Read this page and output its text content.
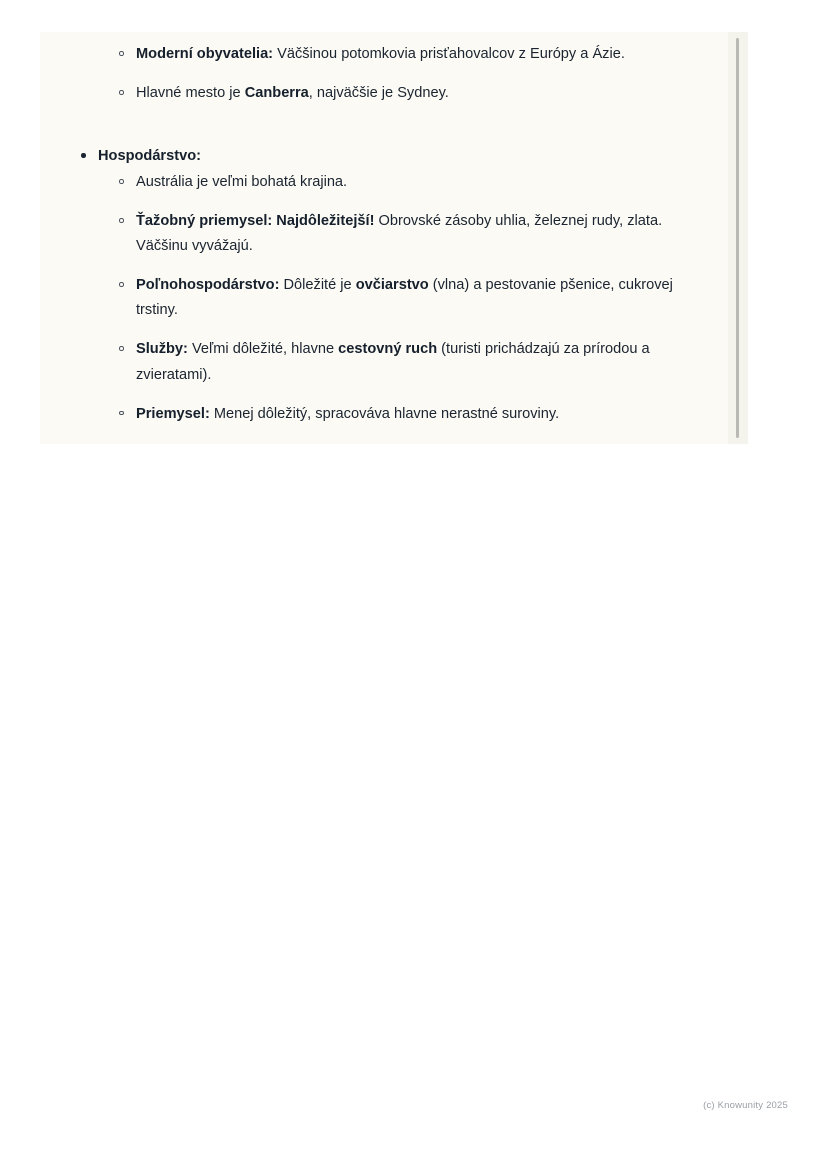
Moderní obyvatelia: Väčšinou potomkovia prisťahovalcov z Európy a Ázie.
Hlavné mesto je Canberra, najväčšie je Sydney.
Hospodárstvo:
Austrália je veľmi bohatá krajina.
Ťažobný priemysel: Najdôležitejší! Obrovské zásoby uhlia, železnej rudy, zlata. Väčšinu vyvážajú.
Poľnohospodárstvo: Dôležité je ovčiarstvo (vlna) a pestovanie pšenice, cukrovej trstiny.
Služby: Veľmi dôležité, hlavne cestovný ruch (turisti prichádzajú za prírodou a zvieratami).
Priemysel: Menej dôležitý, spracováva hlavne nerastné suroviny.
(c) Knowunity 2025
